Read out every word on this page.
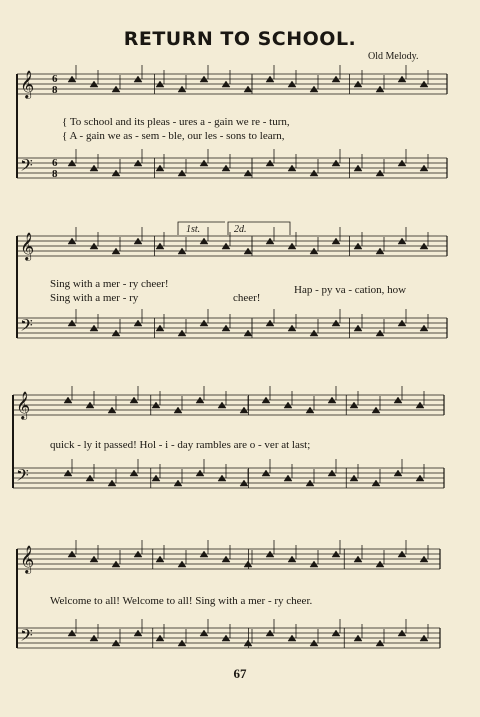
RETURN TO SCHOOL.
Old Melody.
𝄞
𝄢
𝄞
𝄢
𝄞
𝄢
𝄞
𝄢
6
8
6
8
{ To school and its pleas - ures a - gain we re - turn,
{ A - gain we as - sem - ble, our les - sons to learn,
Sing with a mer - ry cheer!
Sing with a mer - ry	cheer!
Hap - py va - cation, how
quick - ly it passed! Hol - i - day rambles are o - ver at last;
Welcome to all! Welcome to all! Sing with a mer - ry cheer.
1st.	2d.
67
